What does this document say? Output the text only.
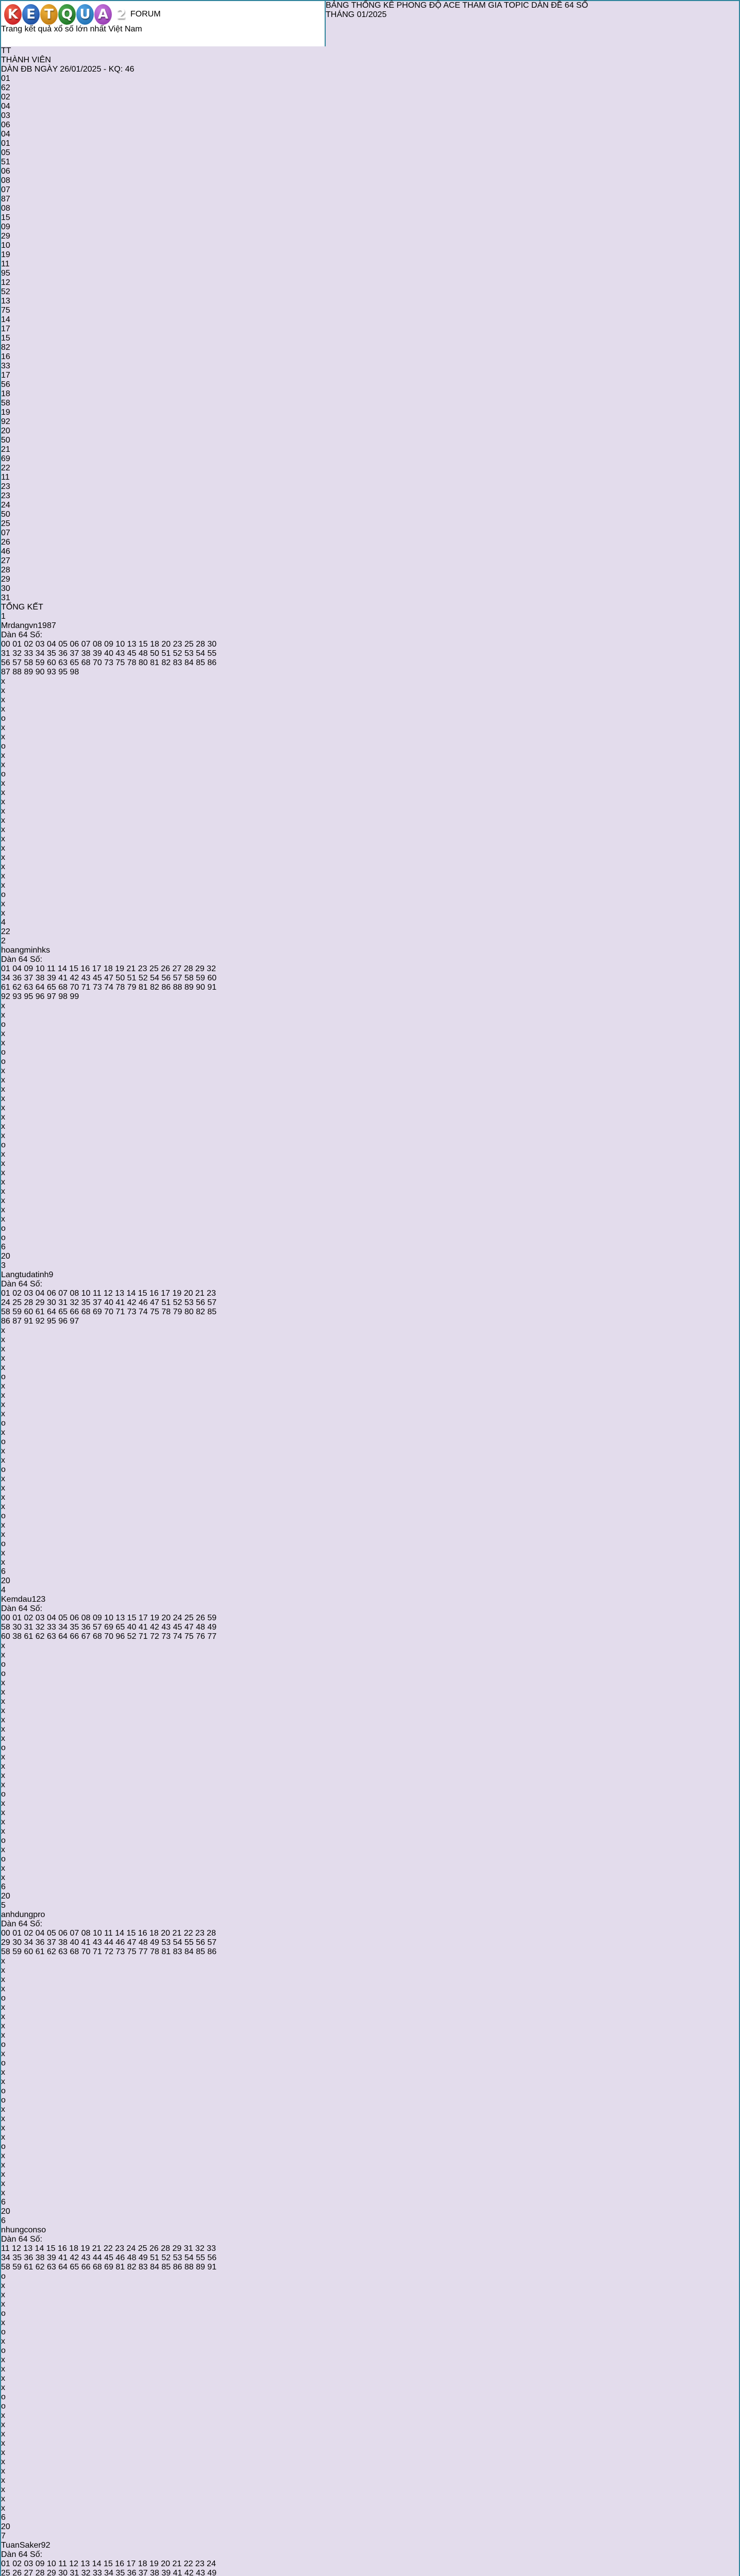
K E T Q U A 2 FORUM
Trang kết quả xổ số lớn nhất Việt Nam
BẢNG THỐNG KÊ PHONG ĐỘ ACE THAM GIA TOPIC DÀN ĐỀ 64 SỐ
THÁNG 01/2025
TT
THÀNH VIÊN
DÀN ĐB NGÀY 26/01/2025 - KQ: 46
01
62
02
04
03
06
04
01
05
51
06
08
07
87
08
15
09
29
10
19
11
95
12
52
13
75
14
17
15
82
16
33
17
56
18
58
19
92
20
50
21
69
22
11
23
23
24
50
25
07
26
46
27
28
29
30
31
TỔNG KẾT
1
Mrdangvn1987
Dàn 64 Số:
00 01 02 03 04 05 06 07 08 09 10 13 15 18 20 23 25 28 30
31 32 33 34 35 36 37 38 39 40 43 45 48 50 51 52 53 54 55
56 57 58 59 60 63 65 68 70 73 75 78 80 81 82 83 84 85 86
87 88 89 90 93 95 98
x
x
x
x
o
x
x
o
x
x
o
x
x
x
x
x
x
x
x
x
x
x
x
o
x
x
4
22
2
hoangminhks
Dàn 64 Số:
01 04 09 10 11 14 15 16 17 18 19 21 23 25 26 27 28 29 32
34 36 37 38 39 41 42 43 45 47 50 51 52 54 56 57 58 59 60
61 62 63 64 65 68 70 71 73 74 78 79 81 82 86 88 89 90 91
92 93 95 96 97 98 99
x
x
o
x
x
o
o
x
x
x
x
x
x
x
x
o
x
x
x
x
x
x
x
x
o
o
6
20
3
Langtudatinh9
Dàn 64 Số:
01 02 03 04 06 07 08 10 11 12 13 14 15 16 17 19 20 21 23
24 25 28 29 30 31 32 35 37 40 41 42 46 47 51 52 53 56 57
58 59 60 61 64 65 66 68 69 70 71 73 74 75 78 79 80 82 85
86 87 91 92 95 96 97
x
x
x
x
x
o
x
x
x
x
o
x
o
x
x
o
x
x
x
x
o
x
x
o
x
x
6
20
4
Kemdau123
Dàn 64 Số:
00 01 02 03 04 05 06 08 09 10 13 15 17 19 20 24 25 26 59
58 30 31 32 33 34 35 36 57 69 65 40 41 42 43 45 47 48 49
60 38 61 62 63 64 66 67 68 70 96 52 71 72 73 74 75 76 77
x
x
o
o
x
x
x
x
x
x
x
o
x
x
x
x
o
x
x
x
x
o
x
o
x
x
6
20
5
anhdungpro
Dàn 64 Số:
00 01 02 04 05 06 07 08 10 11 14 15 16 18 20 21 22 23 28
29 30 34 36 37 38 40 41 43 44 46 47 48 49 53 54 55 56 57
58 59 60 61 62 63 68 70 71 72 73 75 77 78 81 83 84 85 86
x
x
x
x
o
x
x
x
x
o
x
o
x
x
o
o
x
x
x
x
o
x
x
x
x
x
6
20
6
nhungconso
Dàn 64 Số:
11 12 13 14 15 16 18 19 21 22 23 24 25 26 28 29 31 32 33
34 35 36 38 39 41 42 43 44 45 46 48 49 51 52 53 54 55 56
58 59 61 62 63 64 65 66 68 69 81 82 83 84 85 86 88 89 91
o
x
x
x
o
x
o
x
o
x
x
x
x
o
o
x
x
x
x
x
x
x
x
x
x
x
6
20
7
TuanSaker92
Dàn 64 Số:
01 02 03 09 10 11 12 13 14 15 16 17 18 19 20 21 22 23 24
25 26 27 28 29 30 31 32 33 34 35 36 37 38 39 41 42 43 49
